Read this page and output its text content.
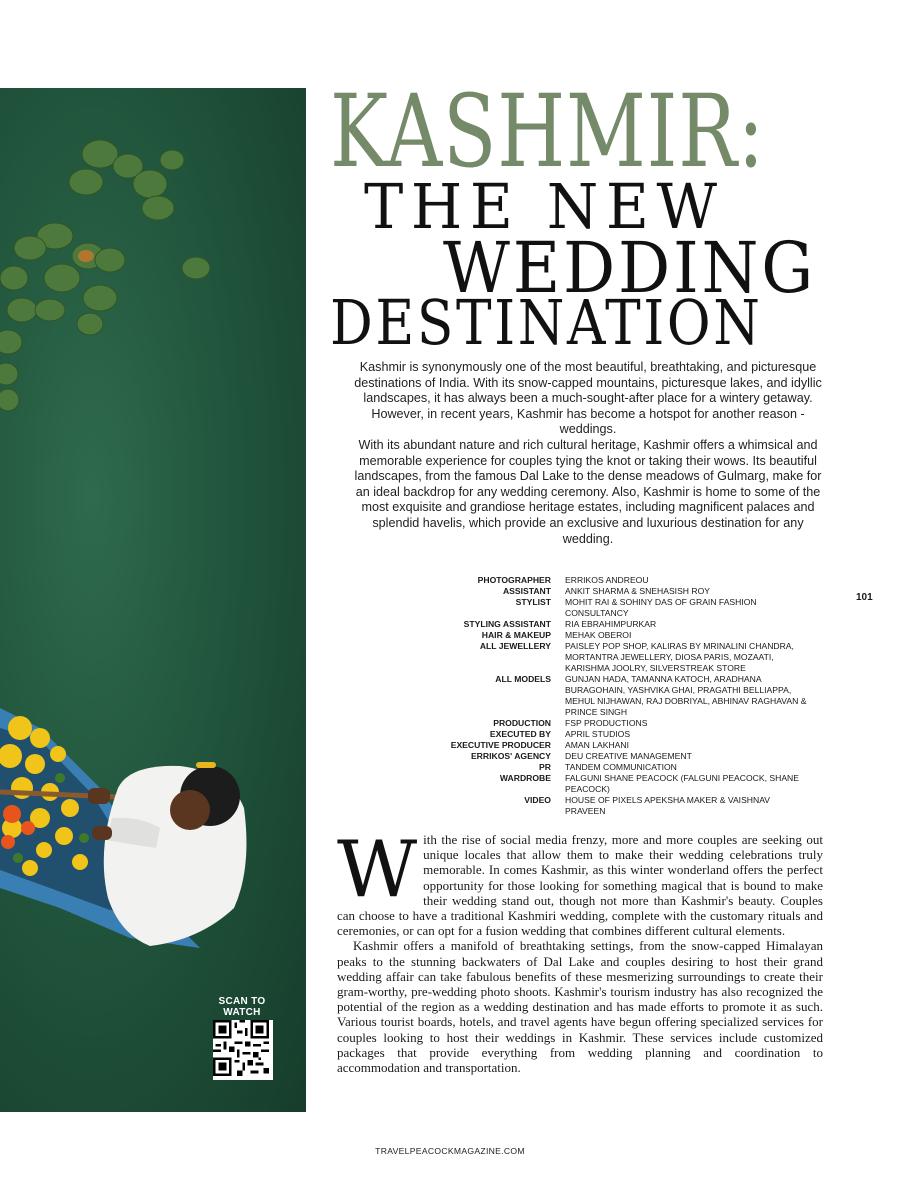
SCAN TO
WATCH
KASHMIR:
THE NEW
WEDDING
DESTINATION

Kashmir is synonymously one of the most beautiful, breathtaking, and picturesque destinations of India. With its snow-capped mountains, picturesque lakes, and idyllic landscapes, it has always been a much-sought-after place for a wintery getaway. However, in recent years, Kashmir has become a hotspot for another reason - weddings.

With its abundant nature and rich cultural heritage, Kashmir offers a whimsical and memorable experience for couples tying the knot or taking their wows. Its beautiful landscapes, from the famous Dal Lake to the dense meadows of Gulmarg, make for an ideal backdrop for any wedding ceremony. Also, Kashmir is home to some of the most exquisite and grandiose heritage estates, including magnificent palaces and splendid havelis, which provide an exclusive and luxurious destination for any wedding.

PHOTOGRAPHER ERRIKOS ANDREOU
ASSISTANT ANKIT SHARMA & SNEHASISH ROY
STYLIST MOHIT RAI & SOHINY DAS OF GRAIN FASHION CONSULTANCY
STYLING ASSISTANT RIA EBRAHIMPURKAR
HAIR & MAKEUP MEHAK OBEROI
ALL JEWELLERY PAISLEY POP SHOP, KALIRAS BY MRINALINI CHANDRA, MORTANTRA JEWELLERY, DIOSA PARIS, MOZAATI, KARISHMA JOOLRY, SILVERSTREAK STORE
ALL MODELS GUNJAN HADA, TAMANNA KATOCH, ARADHANA BURAGOHAIN, YASHVIKA GHAI, PRAGATHI BELLIAPPA, MEHUL NIJHAWAN, RAJ DOBRIYAL, ABHINAV RAGHAVAN & PRINCE SINGH
PRODUCTION FSP PRODUCTIONS
EXECUTED BY APRIL STUDIOS
EXECUTIVE PRODUCER AMAN LAKHANI
ERRIKOS' AGENCY DEU CREATIVE MANAGEMENT
PR TANDEM COMMUNICATION
WARDROBE FALGUNI SHANE PEACOCK (FALGUNI PEACOCK, SHANE PEACOCK)
VIDEO HOUSE OF PIXELS APEKSHA MAKER & VAISHNAV PRAVEEN
101

With the rise of social media frenzy, more and more couples are seeking out unique locales that allow them to make their wedding celebrations truly memorable. In comes Kashmir, as this winter wonderland offers the perfect opportunity for those looking for something magical that is bound to make their wedding stand out, though not more than Kashmir's beauty. Couples can choose to have a traditional Kashmiri wedding, complete with the customary rituals and ceremonies, or can opt for a fusion wedding that combines different cultural elements.

Kashmir offers a manifold of breathtaking settings, from the snow-capped Himalayan peaks to the stunning backwaters of Dal Lake and couples desiring to host their grand wedding affair can take fabulous benefits of these mesmerizing surroundings to create their gram-worthy, pre-wedding photo shoots. Kashmir's tourism industry has also recognized the potential of the region as a wedding destination and has made efforts to promote it as such. Various tourist boards, hotels, and travel agents have begun offering specialized services for couples looking to host their weddings in Kashmir. These services include customized packages that provide everything from wedding planning and coordination to accommodation and transportation.

TRAVELPEACOCKMAGAZINE.COM
